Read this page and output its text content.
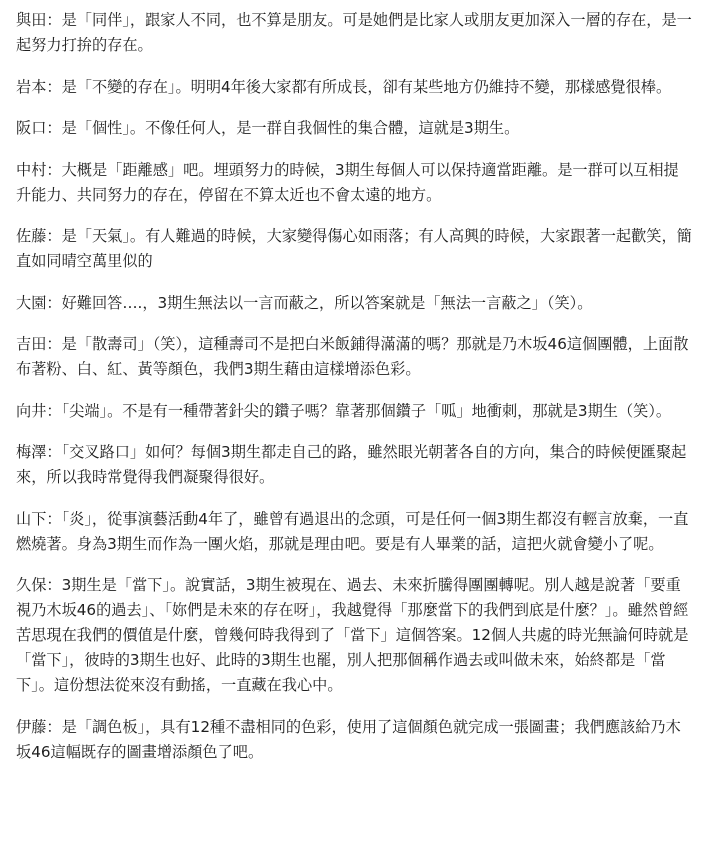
與田：是「同伴」，跟家人不同，也不算是朋友。可是她們是比家人或朋友更加深入一層的存在，是一起努力打拚的存在。

岩本：是「不變的存在」。明明4年後大家都有所成長，卻有某些地方仍維持不變，那樣感覺很棒。

阪口：是「個性」。不像任何人，是一群自我個性的集合體，這就是3期生。

中村：大概是「距離感」吧。埋頭努力的時候，3期生每個人可以保持適當距離。是一群可以互相提升能力、共同努力的存在，停留在不算太近也不會太遠的地方。

佐藤：是「天氣」。有人難過的時候，大家變得傷心如雨落；有人高興的時候，大家跟著一起歡笑，簡直如同晴空萬里似的

大園：好難回答….，3期生無法以一言而蔽之，所以答案就是「無法一言蔽之」（笑）。

吉田：是「散壽司」（笑），這種壽司不是把白米飯鋪得滿滿的嗎？那就是乃木坂46這個團體，上面散布著粉、白、紅、黃等顏色，我們3期生藉由這樣增添色彩。

向井：「尖端」。不是有一種帶著針尖的鑽子嗎？靠著那個鑽子「呱」地衝刺，那就是3期生（笑）。

梅澤：「交叉路口」如何？每個3期生都走自己的路，雖然眼光朝著各自的方向，集合的時候便匯聚起來，所以我時常覺得我們凝聚得很好。

山下：「炎」，從事演藝活動4年了，雖曾有過退出的念頭，可是任何一個3期生都沒有輕言放棄，一直燃燒著。身為3期生而作為一團火焰，那就是理由吧。要是有人畢業的話，這把火就會變小了呢。

久保：3期生是「當下」。說實話，3期生被現在、過去、未來折騰得團團轉呢。別人越是說著「要重視乃木坂46的過去」、「妳們是未來的存在呀」，我越覺得「那麼當下的我們到底是什麼？」。雖然曾經苦思現在我們的價值是什麼，曾幾何時我得到了「當下」這個答案。12個人共處的時光無論何時就是「當下」，彼時的3期生也好、此時的3期生也罷，別人把那個稱作過去或叫做未來，始終都是「當下」。這份想法從來沒有動搖，一直藏在我心中。

伊藤：是「調色板」，具有12種不盡相同的色彩，使用了這個顏色就完成一張圖畫；我們應該給乃木坂46這幅既存的圖畫增添顏色了吧。
